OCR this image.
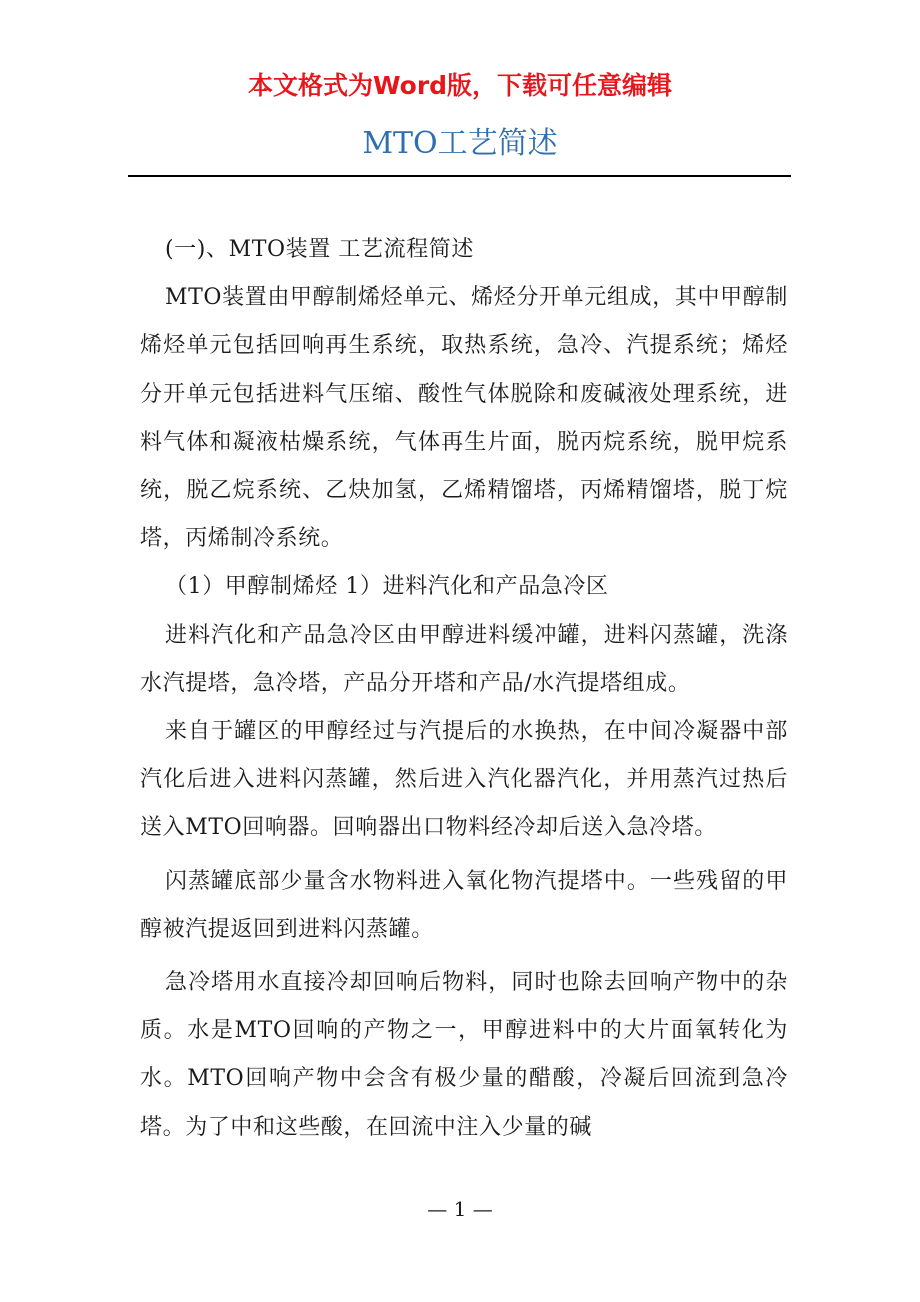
本文格式为Word版，下载可任意编辑
MTO工艺简述

(一)、MTO装置 工艺流程简述

MTO装置由甲醇制烯烃单元、烯烃分开单元组成，其中甲醇制烯烃单元包括回响再生系统，取热系统，急冷、汽提系统；烯烃分开单元包括进料气压缩、酸性气体脱除和废碱液处理系统，进料气体和凝液枯燥系统，气体再生片面，脱丙烷系统，脱甲烷系统，脱乙烷系统、乙炔加氢，乙烯精馏塔，丙烯精馏塔，脱丁烷塔，丙烯制冷系统。

（1）甲醇制烯烃 1）进料汽化和产品急冷区

进料汽化和产品急冷区由甲醇进料缓冲罐，进料闪蒸罐，洗涤水汽提塔，急冷塔，产品分开塔和产品/水汽提塔组成。

来自于罐区的甲醇经过与汽提后的水换热，在中间冷凝器中部汽化后进入进料闪蒸罐，然后进入汽化器汽化，并用蒸汽过热后送入MTO回响器。回响器出口物料经冷却后送入急冷塔。

闪蒸罐底部少量含水物料进入氧化物汽提塔中。一些残留的甲醇被汽提返回到进料闪蒸罐。

急冷塔用水直接冷却回响后物料，同时也除去回响产物中的杂质。水是MTO回响的产物之一，甲醇进料中的大片面氧转化为水。MTO回响产物中会含有极少量的醋酸，冷凝后回流到急冷塔。为了中和这些酸，在回流中注入少量的碱

— 1 —
